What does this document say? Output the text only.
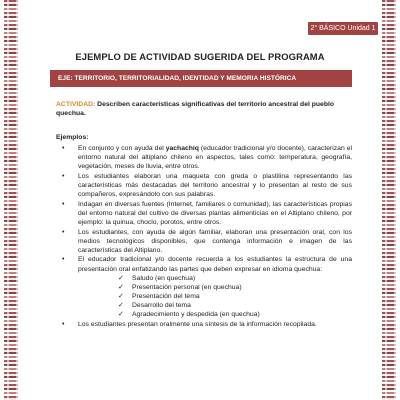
2° BÁSICO Unidad 1
EJEMPLO DE ACTIVIDAD SUGERIDA DEL PROGRAMA
EJE: TERRITORIO, TERRITORIALIDAD, IDENTIDAD Y MEMORIA HISTÓRICA

ACTIVIDAD: Describen características significativas del territorio ancestral del pueblo quechua.

Ejemplos:

• En conjunto y con ayuda del yachachiq (educador tradicional y/o docente), caracterizan el entorno natural del altiplano chileno en aspectos, tales como: temperatura, geografía, vegetación, meses de lluvia, entre otros.
• Los estudiantes elaboran una maqueta con greda o plastilina representando las características más destacadas del territorio ancestral y lo presentan al resto de sus compañeros, expresándolo con sus palabras.
• Indagan en diversas fuentes (Internet, familiares o comunidad), las características propias del entorno natural del cultivo de diversas plantas alimenticias en el Altiplano chileno, por ejemplo: la quinua, choclo, porotos, entre otros.
• Los estudiantes, con ayuda de algún familiar, elaboran una presentación oral, con los medios tecnológicos disponibles, que contenga información e imagen de las características del Altiplano.
• El educador tradicional y/o docente recuerda a los estudiantes la estructura de una presentación oral enfatizando las partes que deben expresar en idioma quechua:
✓ Saludo (en quechua)
✓ Presentación personal (en quechua)
✓ Presentación del tema
✓ Desarrollo del tema
✓ Agradecimiento y despedida (en quechua)
• Los estudiantes presentan oralmente una síntesis de la información recopilada.
